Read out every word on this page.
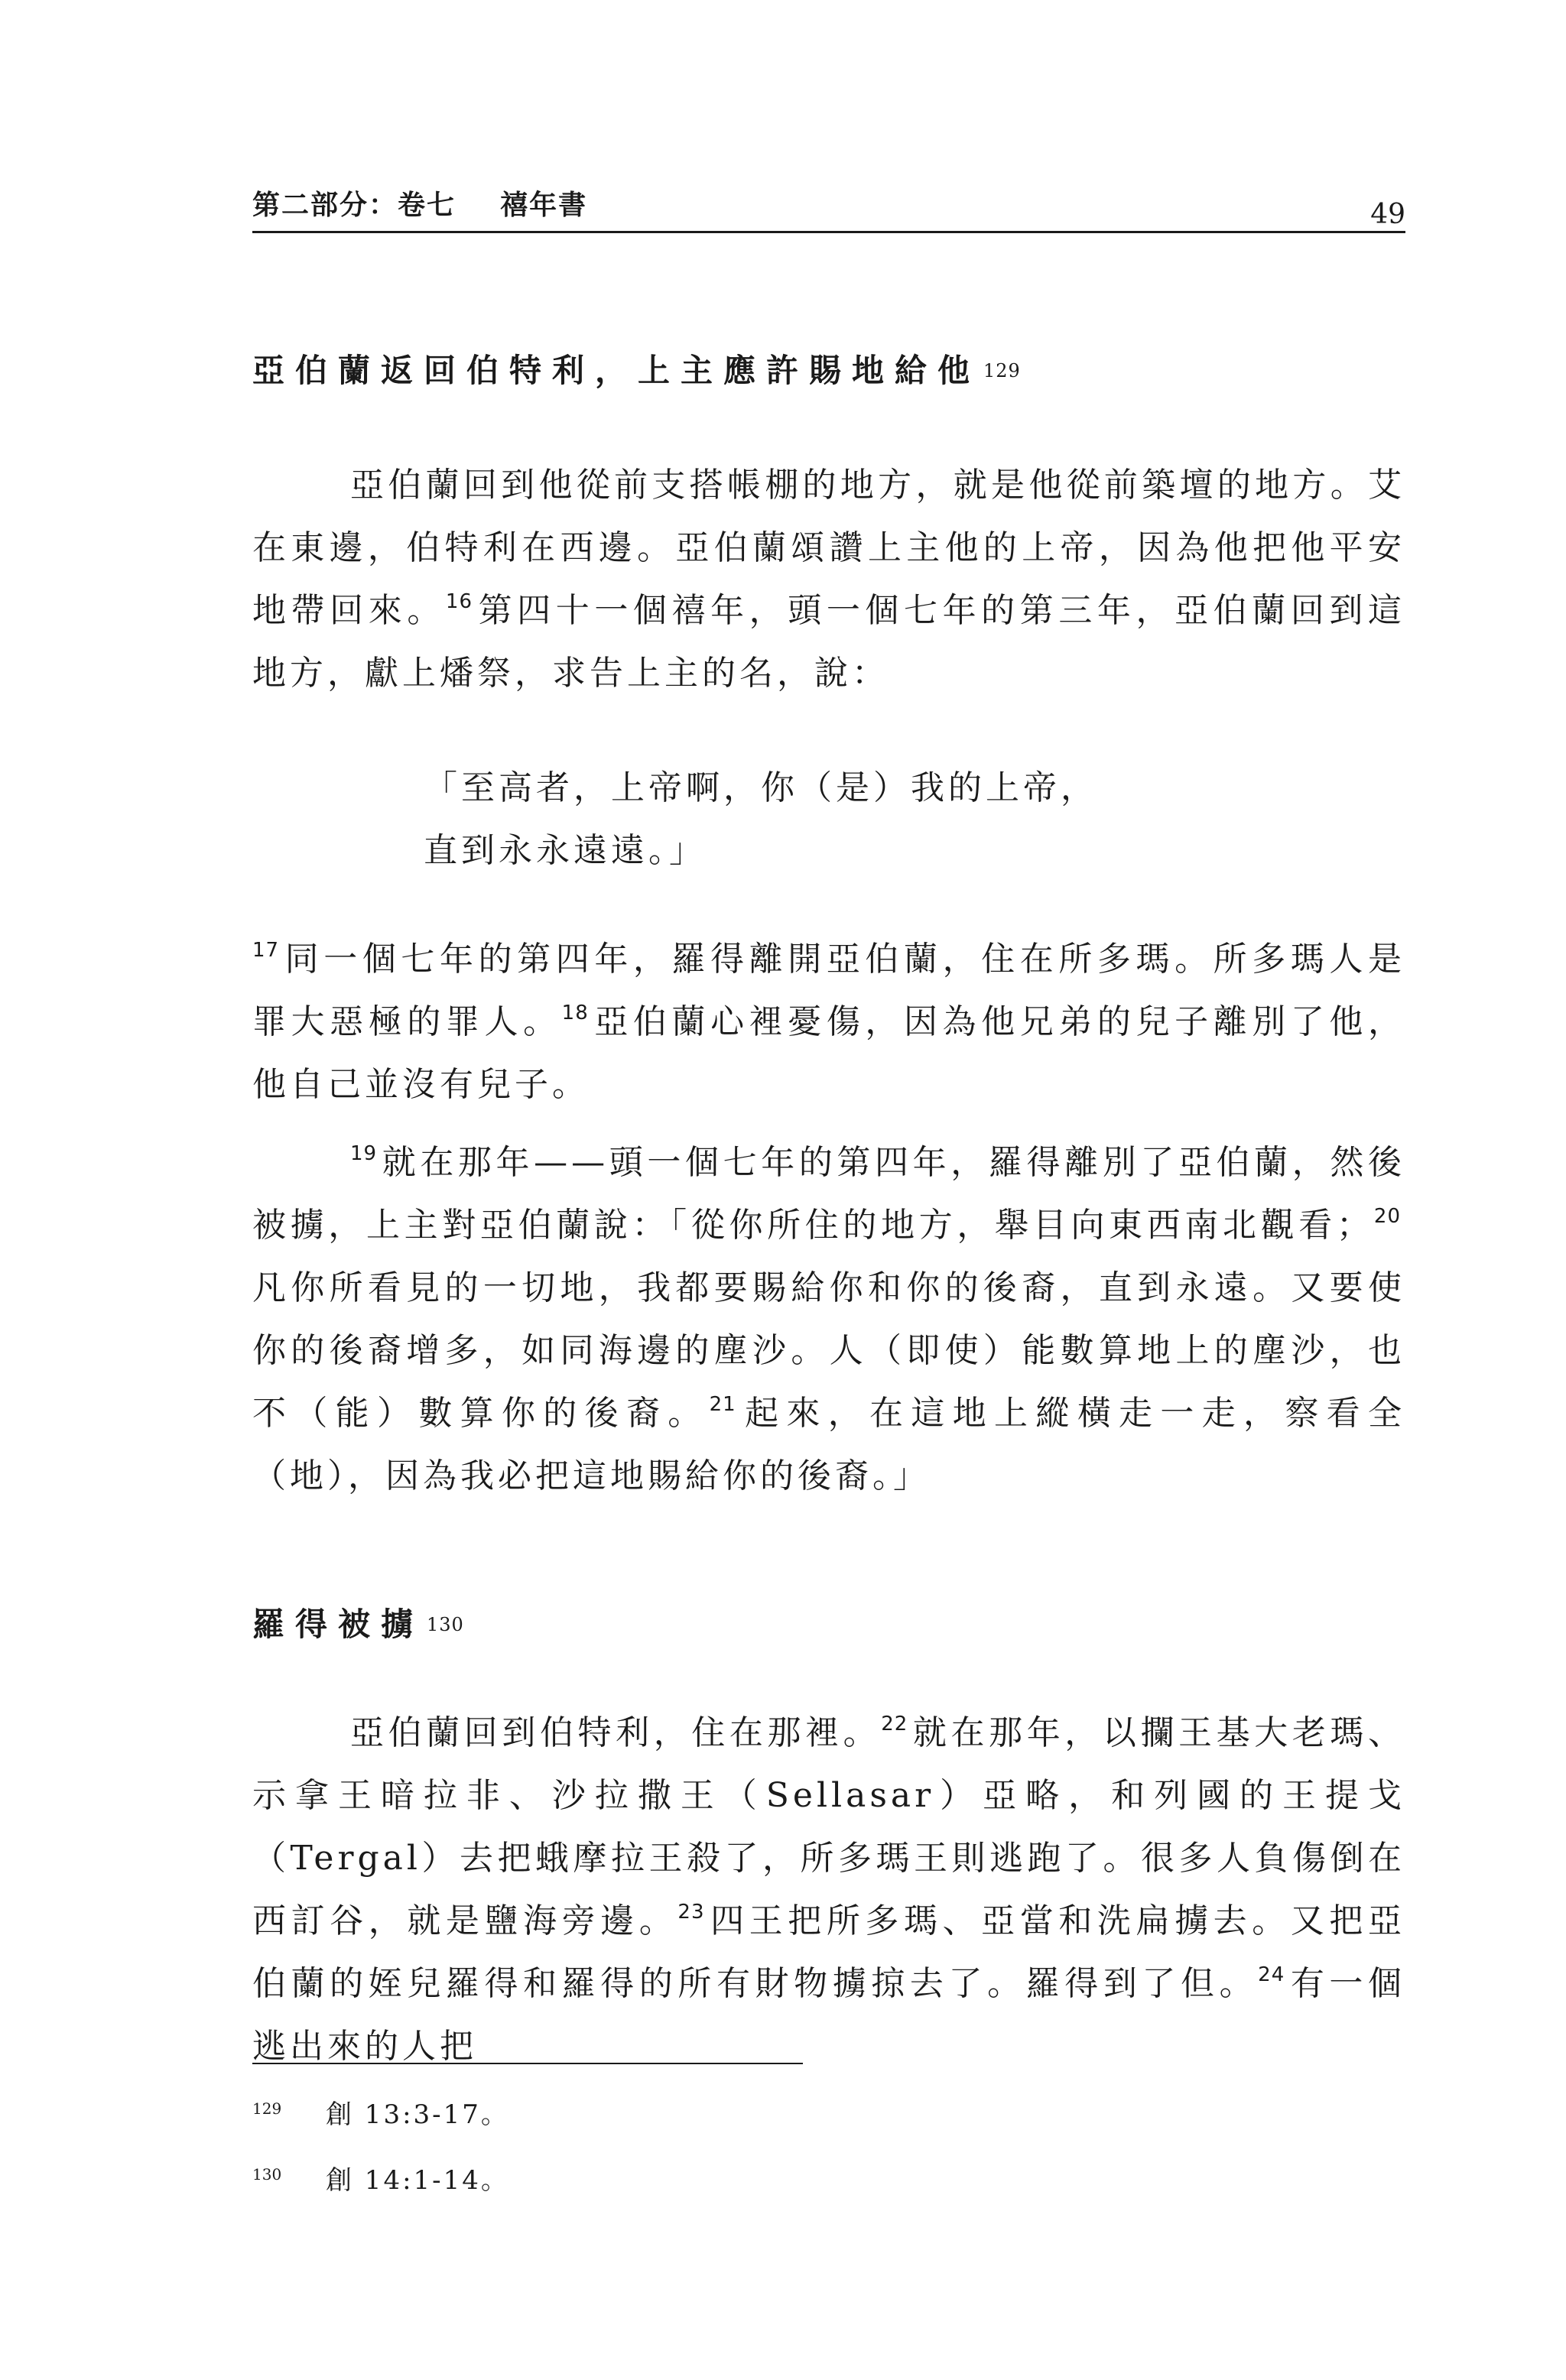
第二部分：卷七    禧年書	49
亞伯蘭返回伯特利，上主應許賜地給他 129
亞伯蘭回到他從前支搭帳棚的地方，就是他從前築壇的地方。艾在東邊，伯特利在西邊。亞伯蘭頌讚上主他的上帝，因為他把他平安地帶回來。$^{16}$ 第四十一個禧年，頭一個七年的第三年，亞伯蘭回到這地方，獻上燔祭，求告上主的名，說：
「至高者，上帝啊，你（是）我的上帝，
直到永永遠遠。」
$^{17}$ 同一個七年的第四年，羅得離開亞伯蘭，住在所多瑪。所多瑪人是罪大惡極的罪人。$^{18}$ 亞伯蘭心裡憂傷，因為他兄弟的兒子離別了他，他自己並沒有兒子。
$^{19}$ 就在那年——頭一個七年的第四年，羅得離別了亞伯蘭，然後被擄，上主對亞伯蘭說：「從你所住的地方，舉目向東西南北觀看；$^{20}$凡你所看見的一切地，我都要賜給你和你的後裔，直到永遠。又要使你的後裔增多，如同海邊的塵沙。人（即使）能數算地上的塵沙，也不（能）數算你的後裔。$^{21}$ 起來，在這地上縱橫走一走，察看全（地），因為我必把這地賜給你的後裔。」
羅得被擄 130
亞伯蘭回到伯特利，住在那裡。$^{22}$ 就在那年，以攔王基大老瑪、示拿王暗拉非、沙拉撒王（Sellasar）亞略，和列國的王提戈（Tergal）去把蛾摩拉王殺了，所多瑪王則逃跑了。很多人負傷倒在西訂谷，就是鹽海旁邊。$^{23}$ 四王把所多瑪、亞當和洗扁擄去。又把亞伯蘭的姪兒羅得和羅得的所有財物擄掠去了。羅得到了但。$^{24}$ 有一個逃出來的人把
129 創 13:3-17。
130 創 14:1-14。
